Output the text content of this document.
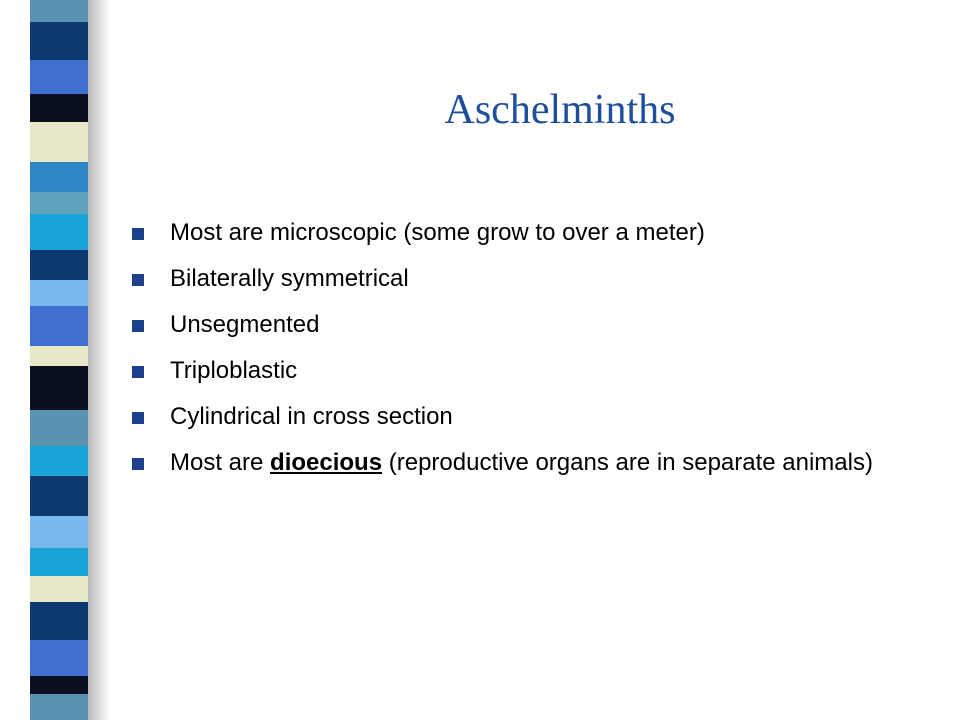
Aschelminths
Most are microscopic (some grow to over a meter)
Bilaterally symmetrical
Unsegmented
Triploblastic
Cylindrical in cross section
Most are dioecious (reproductive organs are in separate animals)
